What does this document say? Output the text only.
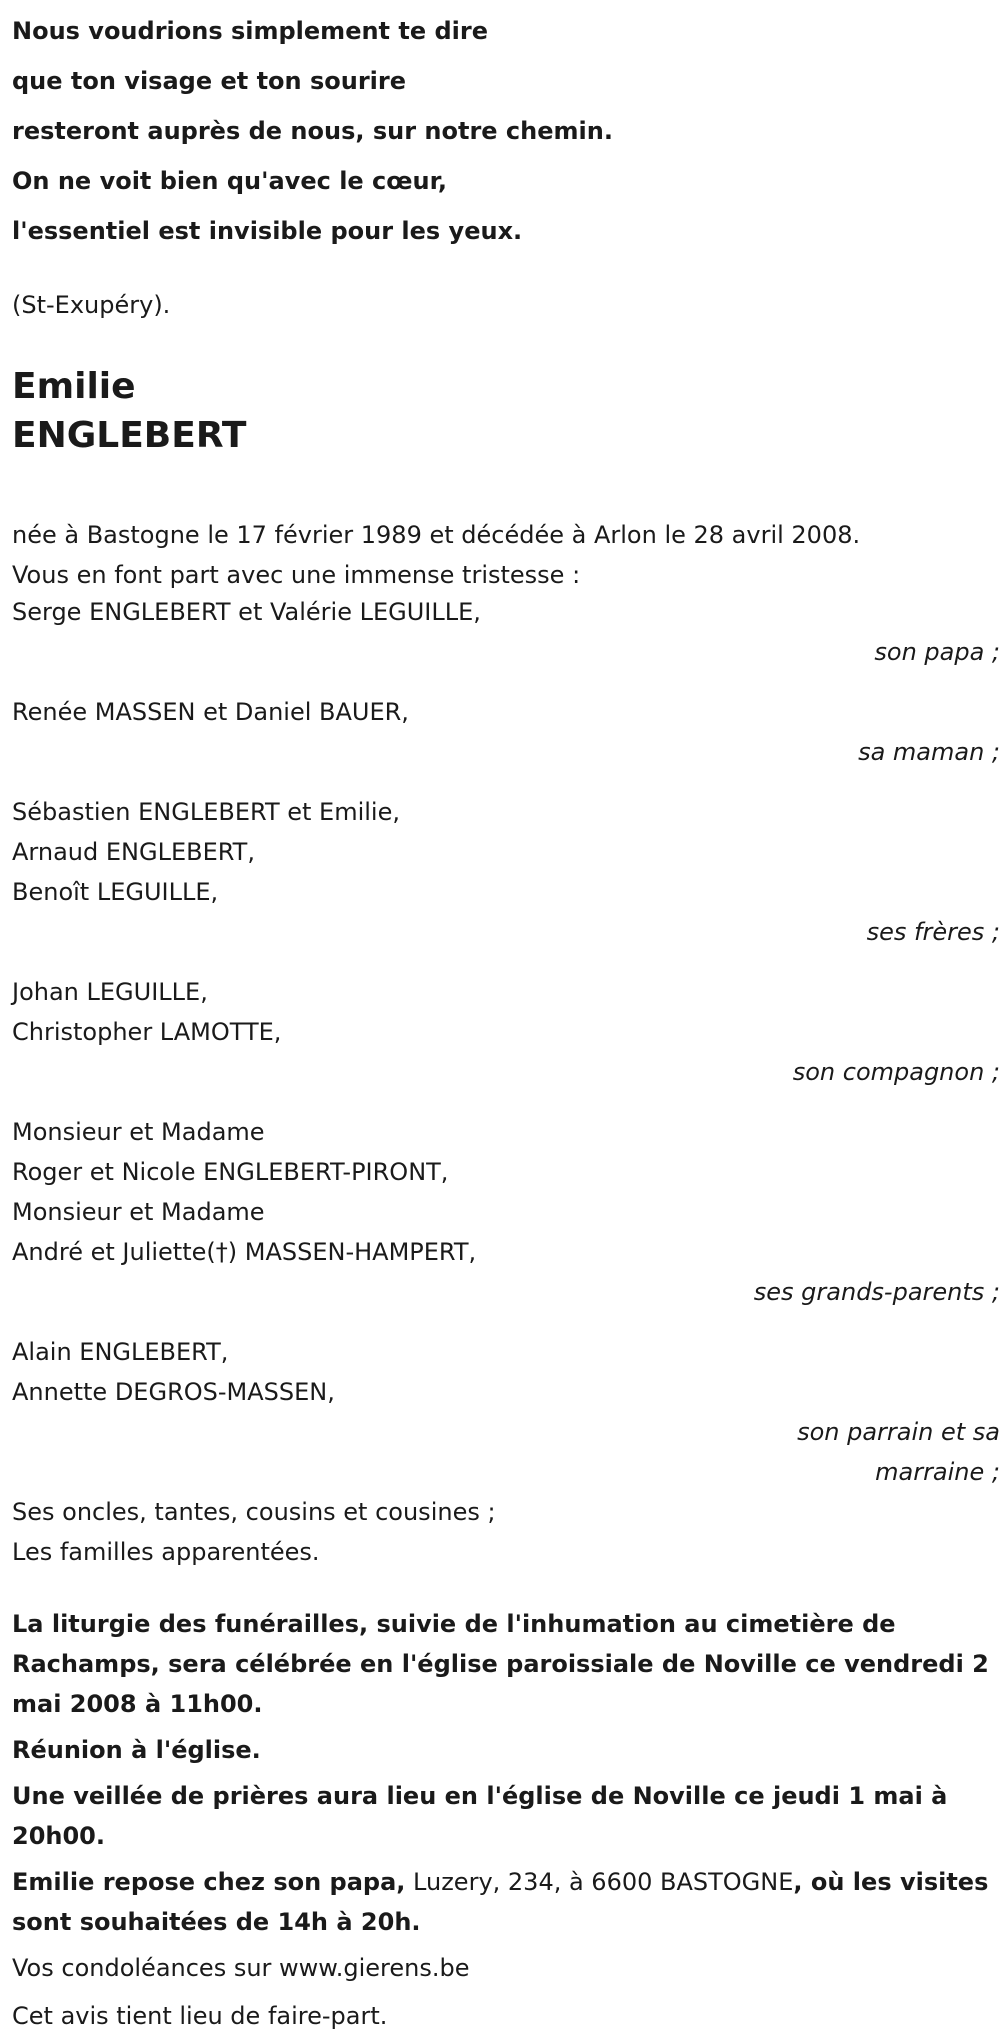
Nous voudrions simplement te dire
que ton visage et ton sourire
resteront auprès de nous, sur notre chemin.
On ne voit bien qu'avec le cœur,
l'essentiel est invisible pour les yeux.
(St-Exupéry).
Emilie
ENGLEBERT
née à Bastogne le 17 février 1989 et décédée à Arlon le 28 avril 2008.
Vous en font part avec une immense tristesse :
Serge ENGLEBERT et Valérie LEGUILLE,
son papa ;
Renée MASSEN et Daniel BAUER,
sa maman ;
Sébastien ENGLEBERT et Emilie,
Arnaud ENGLEBERT,
Benoît LEGUILLE,
ses frères ;
Johan LEGUILLE,
Christopher LAMOTTE,
son compagnon ;
Monsieur et Madame
Roger et Nicole ENGLEBERT-PIRONT,
Monsieur et Madame
André et Juliette(†) MASSEN-HAMPERT,
ses grands-parents ;
Alain ENGLEBERT,
Annette DEGROS-MASSEN,
son parrain et sa
marraine ;
Ses oncles, tantes, cousins et cousines ;
Les familles apparentées.
La liturgie des funérailles, suivie de l'inhumation au cimetière de Rachamps, sera célébrée en l'église paroissiale de Noville ce vendredi 2 mai 2008 à 11h00.
Réunion à l'église.
Une veillée de prières aura lieu en l'église de Noville ce jeudi 1 mai à 20h00.
Emilie repose chez son papa, Luzery, 234, à 6600 BASTOGNE, où les visites sont souhaitées de 14h à 20h.
Vos condoléances sur www.gierens.be
Cet avis tient lieu de faire-part.
